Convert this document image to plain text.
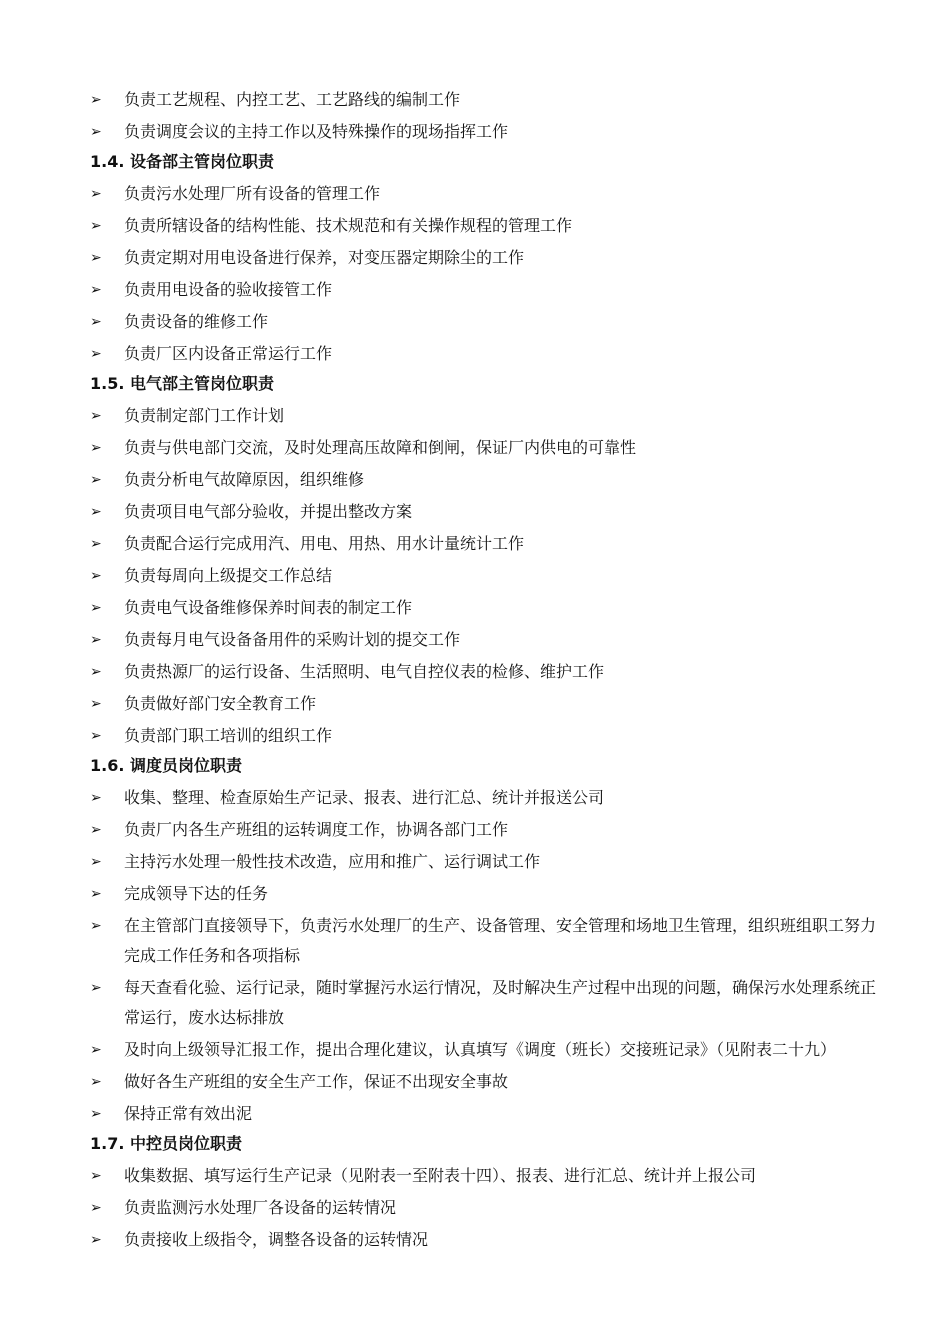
➢	负责工艺规程、内控工艺、工艺路线的编制工作
➢	负责调度会议的主持工作以及特殊操作的现场指挥工作
1.4. 设备部主管岗位职责
➢	负责污水处理厂所有设备的管理工作
➢	负责所辖设备的结构性能、技术规范和有关操作规程的管理工作
➢	负责定期对用电设备进行保养，对变压器定期除尘的工作
➢	负责用电设备的验收接管工作
➢	负责设备的维修工作
➢	负责厂区内设备正常运行工作
1.5. 电气部主管岗位职责
➢	负责制定部门工作计划
➢	负责与供电部门交流，及时处理高压故障和倒闸，保证厂内供电的可靠性
➢	负责分析电气故障原因，组织维修
➢	负责项目电气部分验收，并提出整改方案
➢	负责配合运行完成用汽、用电、用热、用水计量统计工作
➢	负责每周向上级提交工作总结
➢	负责电气设备维修保养时间表的制定工作
➢	负责每月电气设备备用件的采购计划的提交工作
➢	负责热源厂的运行设备、生活照明、电气自控仪表的检修、维护工作
➢	负责做好部门安全教育工作
➢	负责部门职工培训的组织工作
1.6. 调度员岗位职责
➢	收集、整理、检查原始生产记录、报表、进行汇总、统计并报送公司
➢	负责厂内各生产班组的运转调度工作，协调各部门工作
➢	主持污水处理一般性技术改造，应用和推广、运行调试工作
➢	完成领导下达的任务
➢	在主管部门直接领导下，负责污水处理厂的生产、设备管理、安全管理和场地卫生管理，组织班组职工努力完成工作任务和各项指标
➢	每天查看化验、运行记录，随时掌握污水运行情况，及时解决生产过程中出现的问题，确保污水处理系统正常运行，废水达标排放
➢	及时向上级领导汇报工作，提出合理化建议，认真填写《调度（班长）交接班记录》（见附表二十九）
➢	做好各生产班组的安全生产工作，保证不出现安全事故
➢	保持正常有效出泥
1.7. 中控员岗位职责
➢	收集数据、填写运行生产记录（见附表一至附表十四）、报表、进行汇总、统计并上报公司
➢	负责监测污水处理厂各设备的运转情况
➢	负责接收上级指令，调整各设备的运转情况
